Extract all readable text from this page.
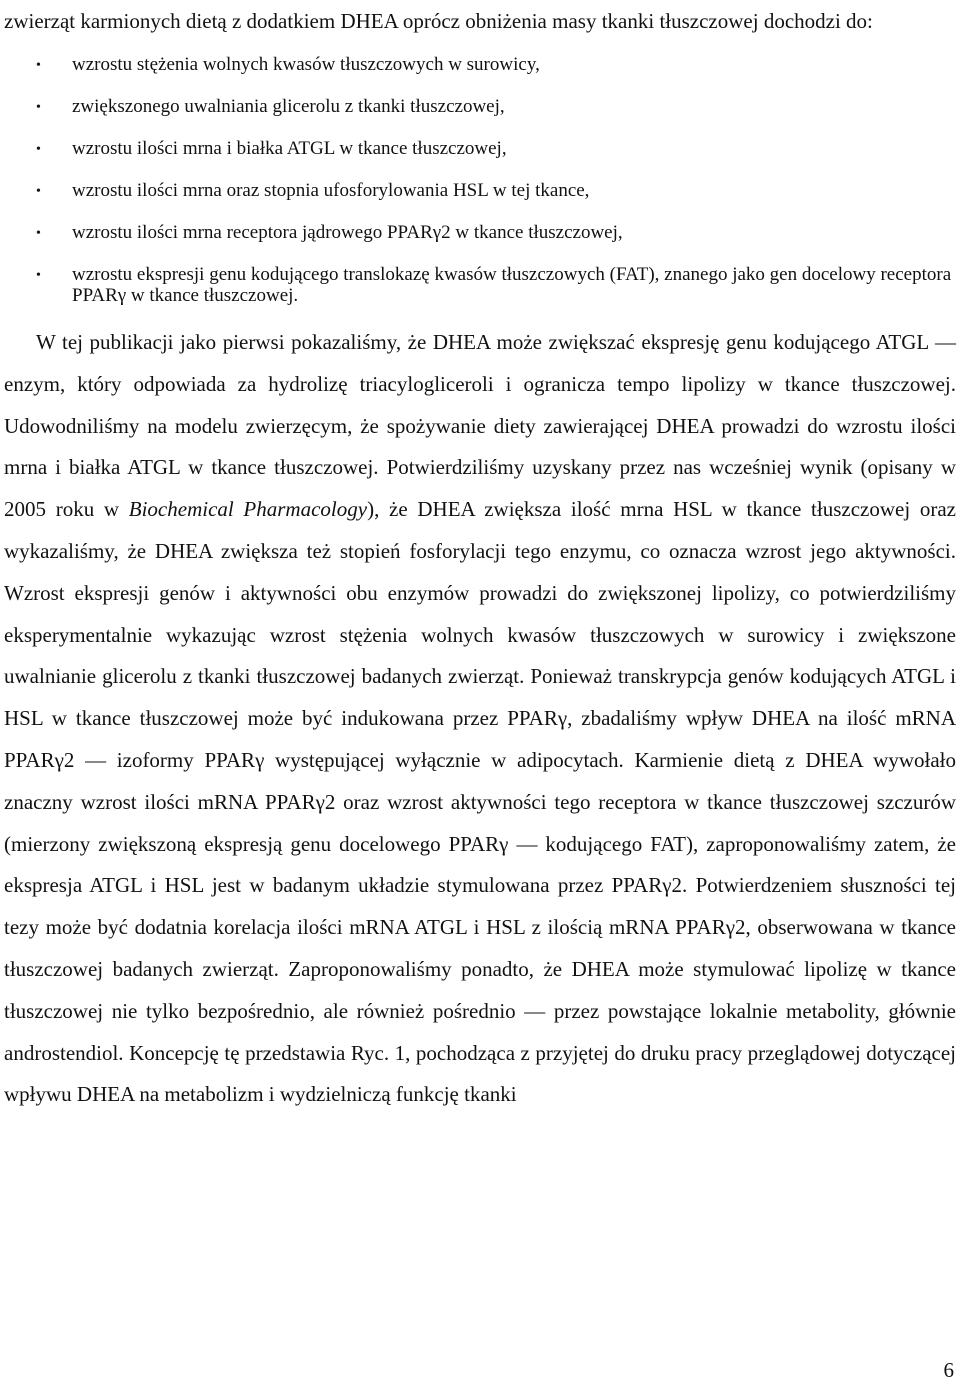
zwierząt karmionych dietą z dodatkiem DHEA oprócz obniżenia masy tkanki tłuszczowej dochodzi do:

• wzrostu stężenia wolnych kwasów tłuszczowych w surowicy,
• zwiększonego uwalniania glicerolu z tkanki tłuszczowej,
• wzrostu ilości mrna i białka ATGL w tkance tłuszczowej,
• wzrostu ilości mrna oraz stopnia ufosforylowania HSL w tej tkance,
• wzrostu ilości mrna receptora jądrowego PPARγ2 w tkance tłuszczowej,
• wzrostu ekspresji genu kodującego translokazę kwasów tłuszczowych (FAT), znanego jako gen docelowy receptora PPARγ w tkance tłuszczowej.

W tej publikacji jako pierwsi pokazaliśmy, że DHEA może zwiększać ekspresję genu kodującego ATGL — enzym, który odpowiada za hydrolizę triacylogliceroli i ogranicza tempo lipolizy w tkance tłuszczowej. Udowodniliśmy na modelu zwierzęcym, że spożywanie diety zawierającej DHEA prowadzi do wzrostu ilości mrna i białka ATGL w tkance tłuszczowej. Potwierdziliśmy uzyskany przez nas wcześniej wynik (opisany w 2005 roku w Biochemical Pharmacology), że DHEA zwiększa ilość mrna HSL w tkance tłuszczowej oraz wykazaliśmy, że DHEA zwiększa też stopień fosforylacji tego enzymu, co oznacza wzrost jego aktywności. Wzrost ekspresji genów i aktywności obu enzymów prowadzi do zwiększonej lipolizy, co potwierdziliśmy eksperymentalnie wykazując wzrost stężenia wolnych kwasów tłuszczowych w surowicy i zwiększone uwalnianie glicerolu z tkanki tłuszczowej badanych zwierząt. Ponieważ transkrypcja genów kodujących ATGL i HSL w tkance tłuszczowej może być indukowana przez PPARγ, zbadaliśmy wpływ DHEA na ilość mRNA PPARγ2 — izoformy PPARγ występującej wyłącznie w adipocytach. Karmienie dietą z DHEA wywołało znaczny wzrost ilości mRNA PPARγ2 oraz wzrost aktywności tego receptora w tkance tłuszczowej szczurów (mierzony zwiększoną ekspresją genu docelowego PPARγ — kodującego FAT), zaproponowaliśmy zatem, że ekspresja ATGL i HSL jest w badanym układzie stymulowana przez PPARγ2. Potwierdzeniem słuszności tej tezy może być dodatnia korelacja ilości mRNA ATGL i HSL z ilością mRNA PPARγ2, obserwowana w tkance tłuszczowej badanych zwierząt. Zaproponowaliśmy ponadto, że DHEA może stymulować lipolizę w tkance tłuszczowej nie tylko bezpośrednio, ale również pośrednio — przez powstające lokalnie metabolity, głównie androstendiol. Koncepcję tę przedstawia Ryc. 1, pochodząca z przyjętej do druku pracy przeglądowej dotyczącej wpływu DHEA na metabolizm i wydzielniczą funkcję tkanki

6
